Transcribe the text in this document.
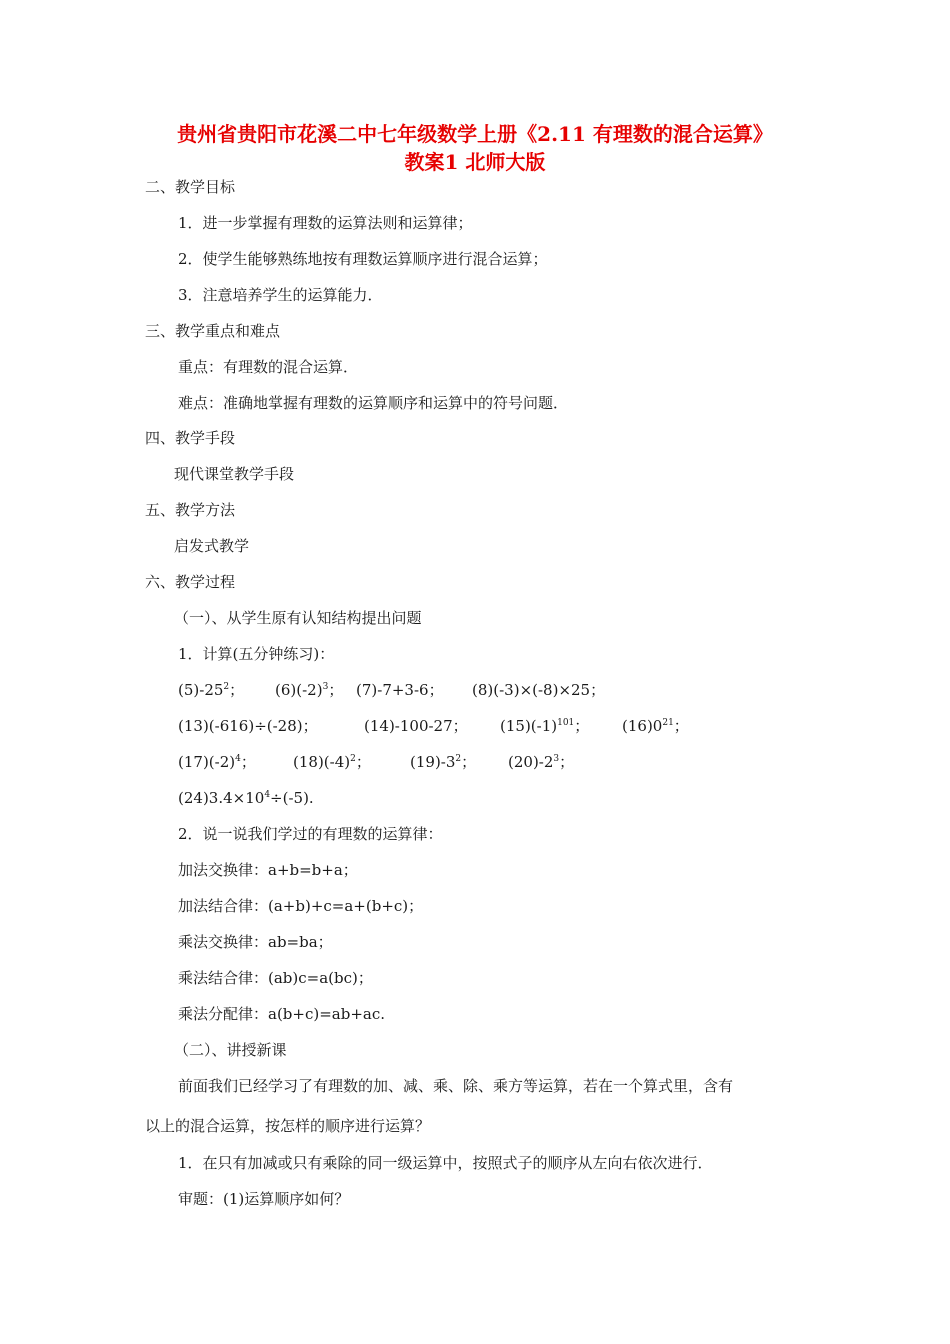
贵州省贵阳市花溪二中七年级数学上册《2.11 有理数的混合运算》
教案1 北师大版
二、教学目标
1．进一步掌握有理数的运算法则和运算律；
2．使学生能够熟练地按有理数运算顺序进行混合运算；
3．注意培养学生的运算能力．
三、教学重点和难点
重点：有理数的混合运算．
难点：准确地掌握有理数的运算顺序和运算中的符号问题．
四、教学手段
现代课堂教学手段
五、教学方法
启发式教学
六、教学过程
（一）、从学生原有认知结构提出问题
1．计算(五分钟练习)：
$(5)-25^2$； $(6)(-2)^3$； (7)-7+3-6； (8)(-3)×(-8)×25；
(13)(-616)÷(-28)；	(14)-100-27； $(15)(-1)^{101}$； $(16)0^{21}$；
$(17)(-2)^4$； $(18)(-4)^2$；	$(19)-3^2$； $(20)-2^3$；
$(24)3.4\times 10^4\div(-5)$.
2．说一说我们学过的有理数的运算律：
加法交换律：a+b=b+a；
加法结合律：(a+b)+c=a+(b+c)；
乘法交换律：ab=ba；
乘法结合律：(ab)c=a(bc)；
乘法分配律：a(b+c)=ab+ac.
（二）、讲授新课
前面我们已经学习了有理数的加、减、乘、除、乘方等运算，若在一个算式里，含有
以上的混合运算，按怎样的顺序进行运算？
1．在只有加减或只有乘除的同一级运算中，按照式子的顺序从左向右依次进行．
审题：(1)运算顺序如何？
